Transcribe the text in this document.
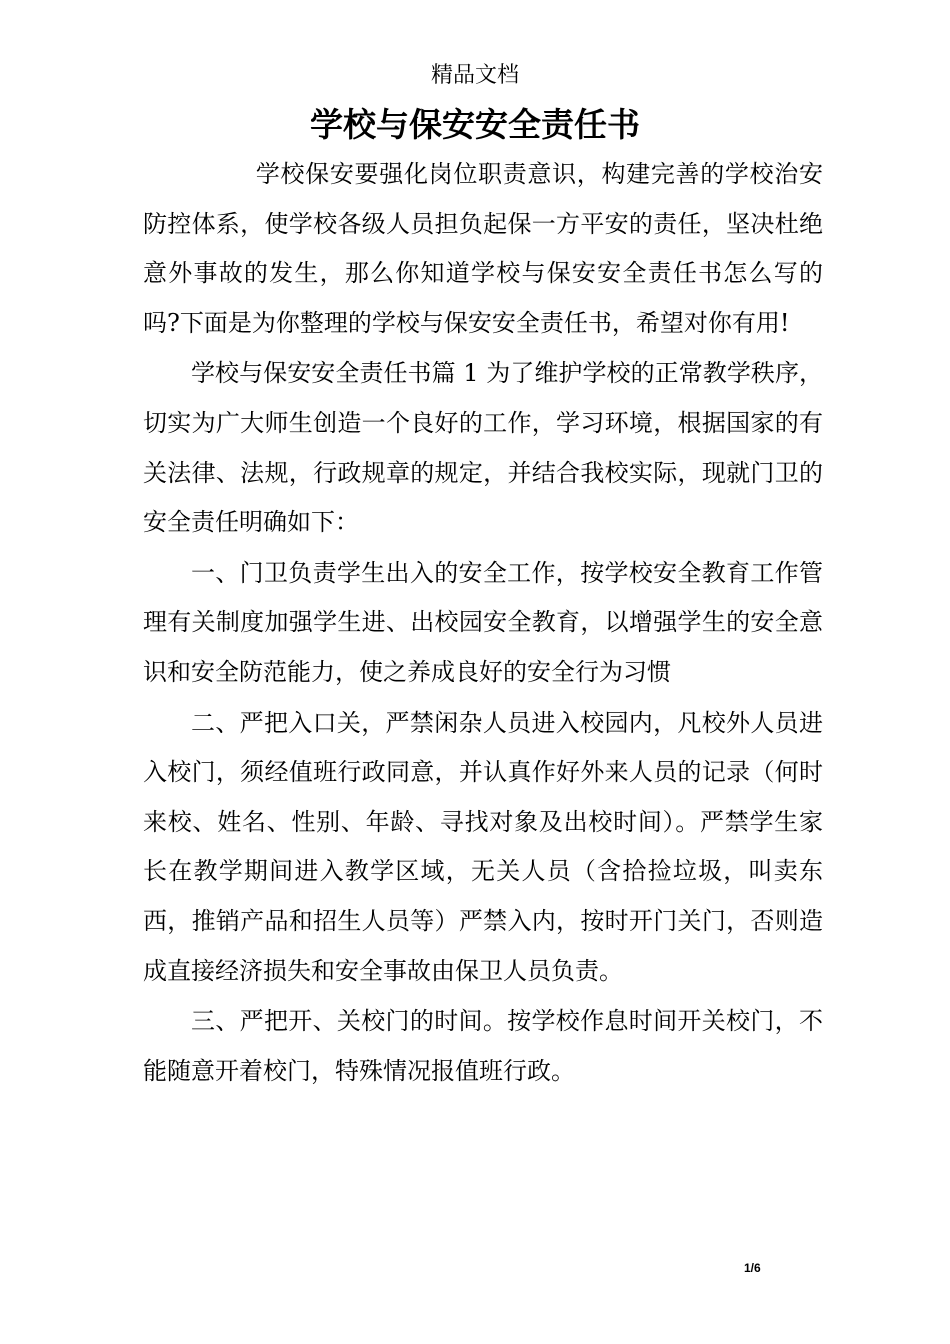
精品文档
学校与保安安全责任书

学校保安要强化岗位职责意识，构建完善的学校治安防控体系，使学校各级人员担负起保一方平安的责任，坚决杜绝意外事故的发生，那么你知道学校与保安安全责任书怎么写的吗?下面是为你整理的学校与保安安全责任书，希望对你有用!

学校与保安安全责任书篇 1 为了维护学校的正常教学秩序，切实为广大师生创造一个良好的工作，学习环境，根据国家的有关法律、法规，行政规章的规定，并结合我校实际，现就门卫的安全责任明确如下：

一、门卫负责学生出入的安全工作，按学校安全教育工作管理有关制度加强学生进、出校园安全教育，以增强学生的安全意识和安全防范能力，使之养成良好的安全行为习惯

二、严把入口关，严禁闲杂人员进入校园内，凡校外人员进入校门，须经值班行政同意，并认真作好外来人员的记录（何时来校、姓名、性别、年龄、寻找对象及出校时间）。严禁学生家长在教学期间进入教学区域，无关人员（含拾捡垃圾，叫卖东西，推销产品和招生人员等）严禁入内，按时开门关门，否则造成直接经济损失和安全事故由保卫人员负责。

三、严把开、关校门的时间。按学校作息时间开关校门，不能随意开着校门，特殊情况报值班行政。

1/6
